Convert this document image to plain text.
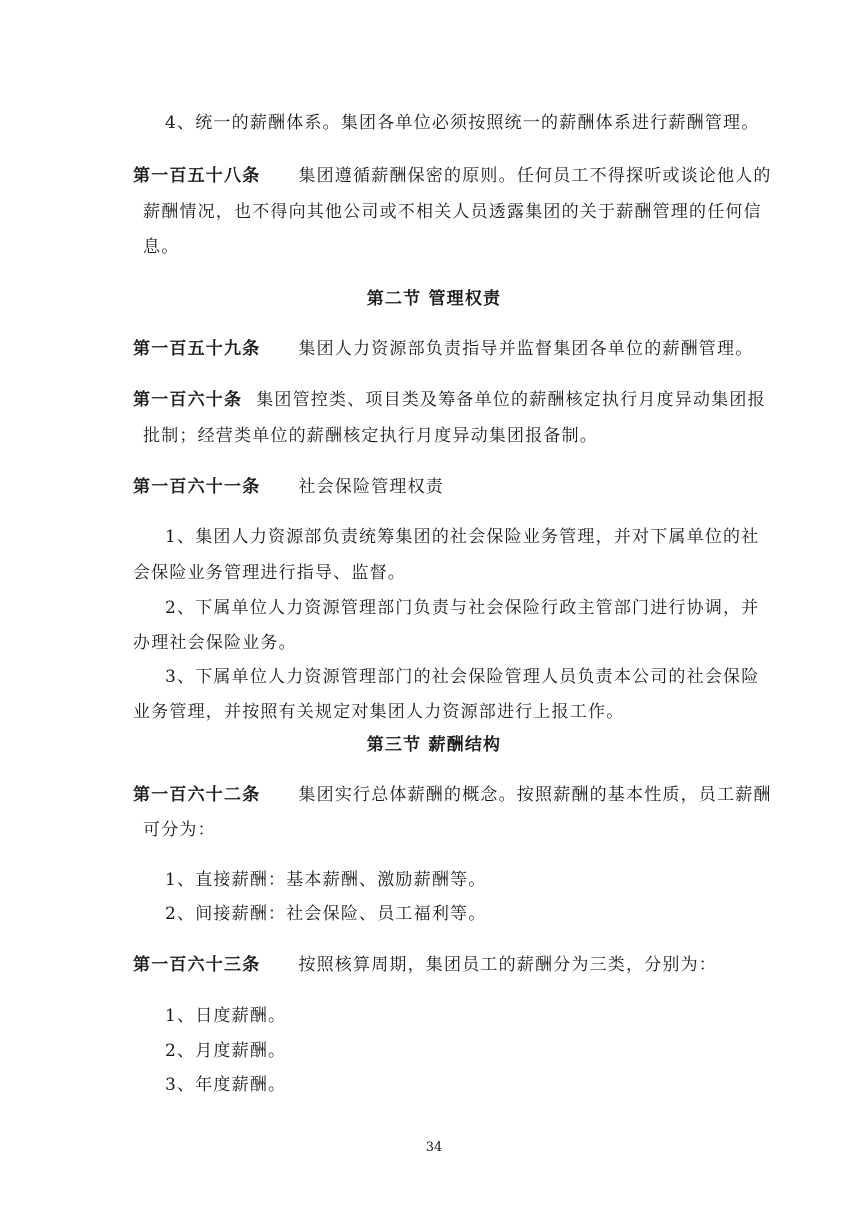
4、统一的薪酬体系。集团各单位必须按照统一的薪酬体系进行薪酬管理。
第一百五十八条 集团遵循薪酬保密的原则。任何员工不得探听或谈论他人的
薪酬情况，也不得向其他公司或不相关人员透露集团的关于薪酬管理的任何信
息。
第二节 管理权责
第一百五十九条 集团人力资源部负责指导并监督集团各单位的薪酬管理。
第一百六十条 集团管控类、项目类及筹备单位的薪酬核定执行月度异动集团报
批制；经营类单位的薪酬核定执行月度异动集团报备制。
第一百六十一条 社会保险管理权责
1、集团人力资源部负责统筹集团的社会保险业务管理，并对下属单位的社
会保险业务管理进行指导、监督。
2、下属单位人力资源管理部门负责与社会保险行政主管部门进行协调，并
办理社会保险业务。
3、下属单位人力资源管理部门的社会保险管理人员负责本公司的社会保险
业务管理，并按照有关规定对集团人力资源部进行上报工作。
第三节 薪酬结构
第一百六十二条 集团实行总体薪酬的概念。按照薪酬的基本性质，员工薪酬
可分为：
1、直接薪酬：基本薪酬、激励薪酬等。
2、间接薪酬：社会保险、员工福利等。
第一百六十三条 按照核算周期，集团员工的薪酬分为三类，分别为：
1、日度薪酬。
2、月度薪酬。
3、年度薪酬。
34
